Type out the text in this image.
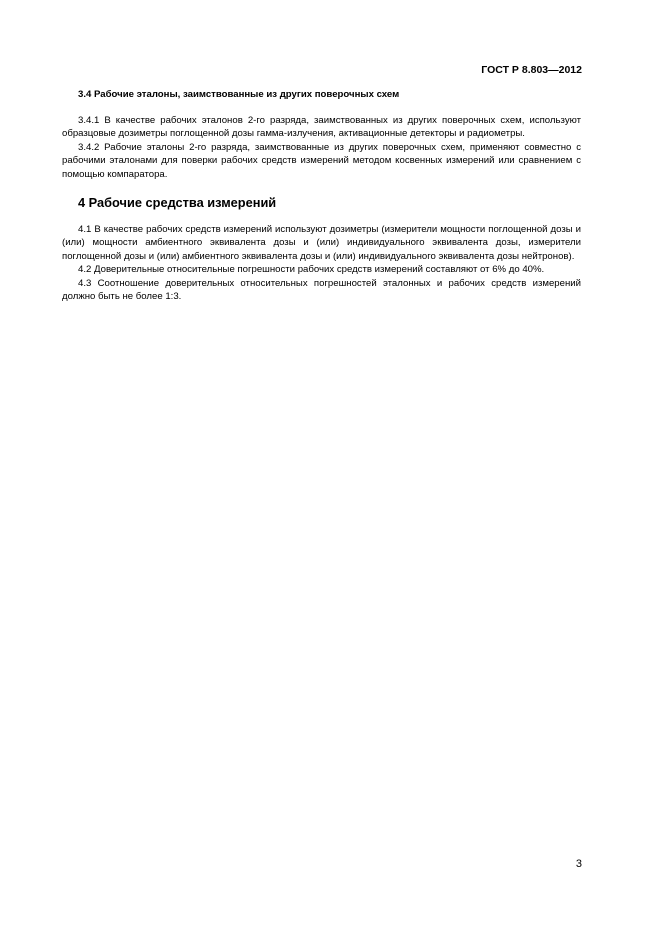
ГОСТ Р 8.803—2012
3.4 Рабочие эталоны, заимствованные из других поверочных схем

3.4.1 В качестве рабочих эталонов 2-го разряда, заимствованных из других поверочных схем, используют образцовые дозиметры поглощенной дозы гамма-излучения, активационные детекторы и радиометры.

3.4.2 Рабочие эталоны 2-го разряда, заимствованные из других поверочных схем, применяют совместно с рабочими эталонами для поверки рабочих средств измерений методом косвенных измерений или сравнением с помощью компаратора.

4 Рабочие средства измерений

4.1 В качестве рабочих средств измерений используют дозиметры (измерители мощности поглощенной дозы и (или) мощности амбиентного эквивалента дозы и (или) индивидуального эквивалента дозы, измерители поглощенной дозы и (или) амбиентного эквивалента дозы и (или) индивидуального эквивалента дозы нейтронов).

4.2 Доверительные относительные погрешности рабочих средств измерений составляют от 6% до 40%.

4.3 Соотношение доверительных относительных погрешностей эталонных и рабочих средств измерений должно быть не более 1:3.

3
